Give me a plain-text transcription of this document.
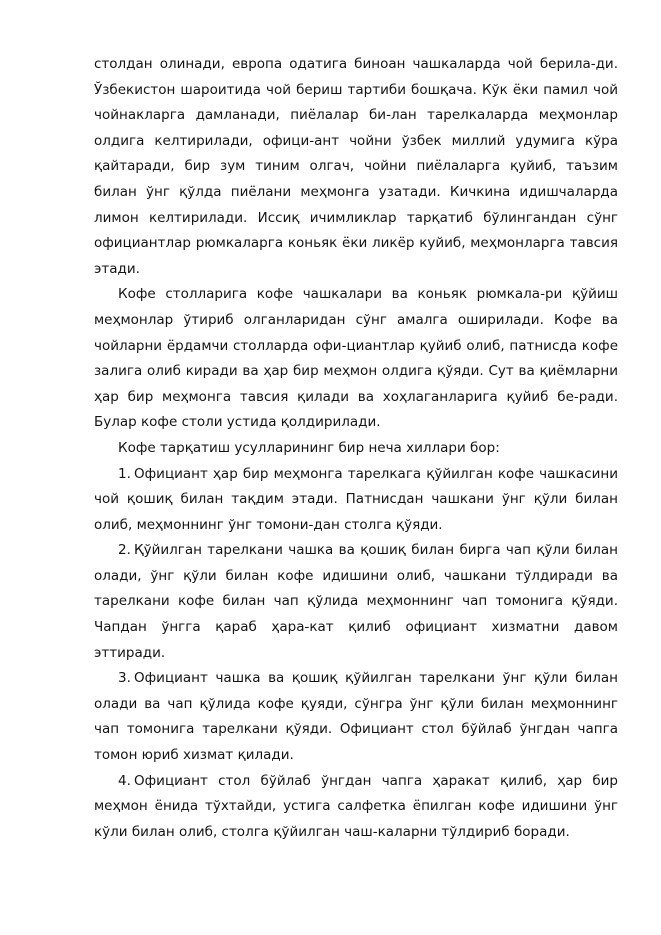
столдан олинади, европа одатига биноан чашкаларда чой берила-ди. Ўзбекистон шароитида чой бериш тартиби бошқача. Кўк ёки памил чой чойнакларга дамланади, пиёлалар би-лан тарелкаларда меҳмонлар олдига келтирилади, офици-ант чойни ўзбек миллий удумига кўра қайтаради, бир зум тиним олгач, чойни пиёлаларга қуйиб, таъзим билан ўнг қўлда пиёлани меҳмонга узатади. Кичкина идишчаларда лимон келтирилади. Иссиқ ичимликлар тарқатиб бўлингандан сўнг официантлар рюмкаларга коньяк ёки ликёр куйиб, меҳмонларга тавсия этади.

Кофе столларига кофе чашкалари ва коньяк рюмкала-ри қўйиш меҳмонлар ўтириб олганларидан сўнг амалга оширилади. Кофе ва чойларни ёрдамчи столларда офи-циантлар қуйиб олиб, патнисда кофе залига олиб киради ва ҳар бир меҳмон олдига қўяди. Сут ва қиёмларни ҳар бир меҳмонга тавсия қилади ва хоҳлаганларига қуйиб бе-ради. Булар кофе столи устида қолдирилади.

Кофе тарқатиш усулларининг бир неча хиллари бор:

1. Официант ҳар бир меҳмонга тарелкага қўйилган кофе чашкасини чой қошиқ билан тақдим этади. Патнисдан чашкани ўнг қўли билан олиб, меҳмоннинг ўнг томони-дан столга қўяди.

2. Қўйилган тарелкани чашка ва қошиқ билан бирга чап қўли билан олади, ўнг қўли билан кофе идишини олиб, чашкани тўлдиради ва тарелкани кофе билан чап қўлида меҳмоннинг чап томонига қўяди. Чапдан ўнгга қараб ҳара-кат қилиб официант хизматни давом эттиради.

3. Официант чашка ва қошиқ қўйилган тарелкани ўнг қўли билан олади ва чап қўлида кофе қуяди, сўнгра ўнг қўли билан меҳмоннинг чап томонига тарелкани қўяди. Официант стол бўйлаб ўнгдан чапга томон юриб хизмат қилади.

4. Официант стол бўйлаб ўнгдан чапга ҳаракат қилиб, ҳар бир меҳмон ёнида тўхтайди, устига салфетка ёпилган кофе идишини ўнг кўли билан олиб, столга қўйилган чаш-каларни тўлдириб боради.
